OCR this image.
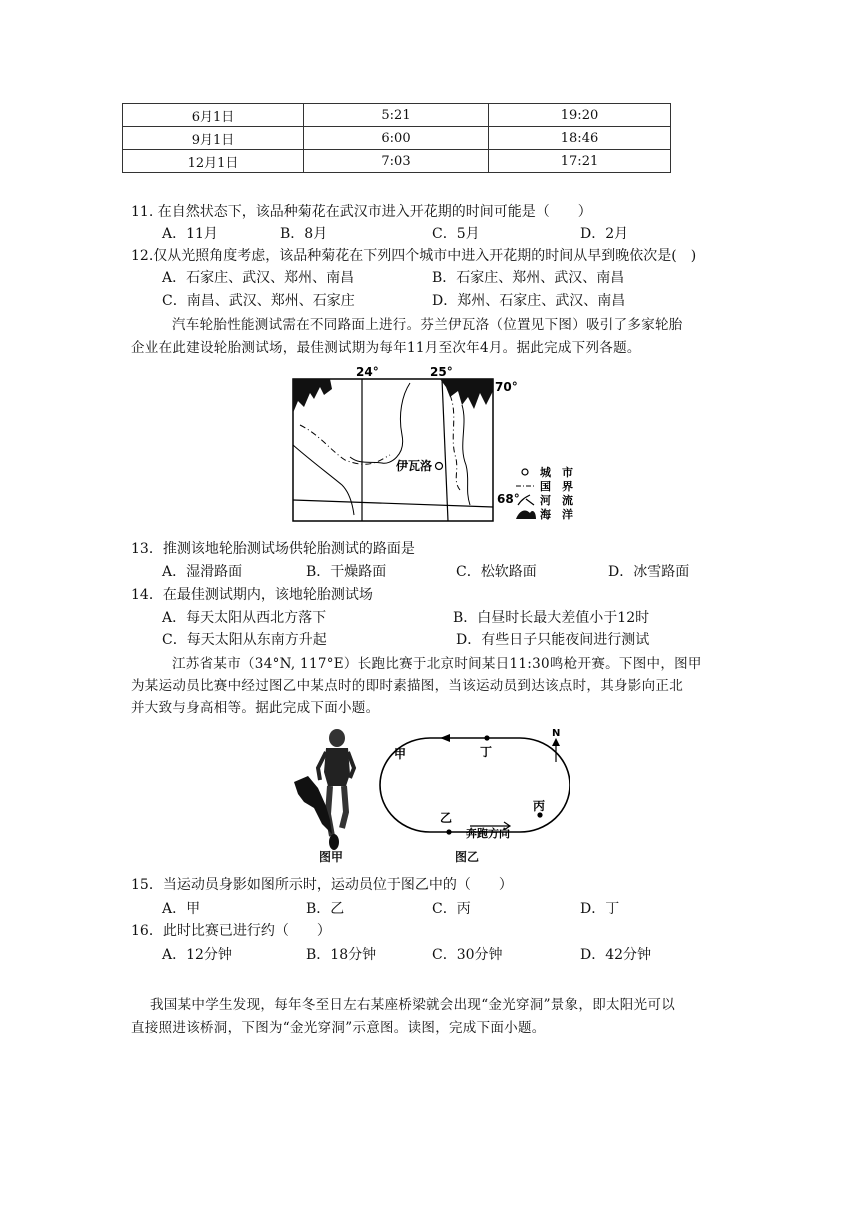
6月1日	5:21	19:20
9月1日	6:00	18:46
12月1日	7:03	17:21
11. 在自然状态下，该品种菊花在武汉市进入开花期的时间可能是（　　）
A．11月	B．8月	C．5月	D．2月
12.仅从光照角度考虑，该品种菊花在下列四个城市中进入开花期的时间从早到晚依次是(　)
A．石家庄、武汉、郑州、南昌	B．石家庄、郑州、武汉、南昌
C．南昌、武汉、郑州、石家庄	D．郑州、石家庄、武汉、南昌
汽车轮胎性能测试需在不同路面上进行。芬兰伊瓦洛（位置见下图）吸引了多家轮胎
企业在此建设轮胎测试场，最佳测试期为每年11月至次年4月。据此完成下列各题。
24°	25°
70°
68°
伊瓦洛	城　市
国　界
河　流
海　洋
13．推测该地轮胎测试场供轮胎测试的路面是
A．湿滑路面	B．干燥路面	C．松软路面	D．冰雪路面
14．在最佳测试期内，该地轮胎测试场
A．每天太阳从西北方落下	B．白昼时长最大差值小于12时
C．每天太阳从东南方升起	D．有些日子只能夜间进行测试
江苏省某市（34°N, 117°E）长跑比赛于北京时间某日11:30鸣枪开赛。下图中，图甲
为某运动员比赛中经过图乙中某点时的即时素描图，当该运动员到达该点时，其身影向正北
并大致与身高相等。据此完成下面小题。
图甲
甲
乙
丙
丁
奔跑方向
N
图乙
15．当运动员身影如图所示时，运动员位于图乙中的（　　）
A．甲	B．乙	C．丙	D．丁
16．此时比赛已进行约（　　）
A．12分钟	B．18分钟	C．30分钟	D．42分钟
我国某中学生发现，每年冬至日左右某座桥梁就会出现“金光穿洞”景象，即太阳光可以
直接照进该桥洞，下图为“金光穿洞”示意图。读图，完成下面小题。
